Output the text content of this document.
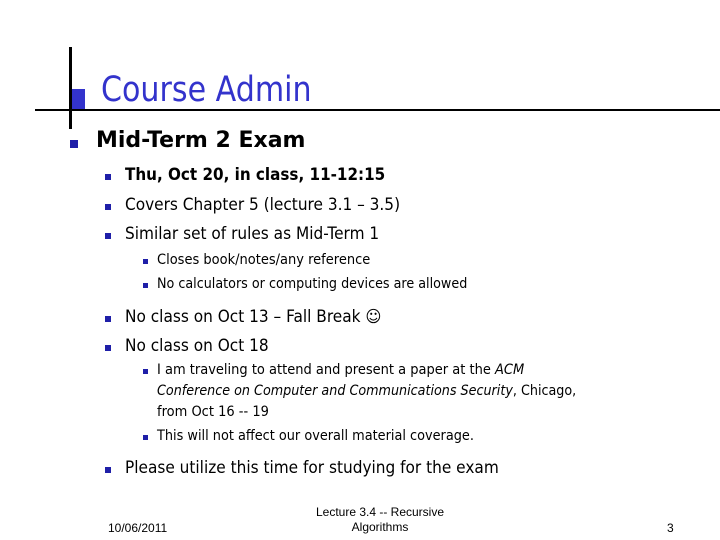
Course Admin
Mid-Term 2 Exam
Thu, Oct 20, in class, 11-12:15
Covers Chapter 5 (lecture 3.1 – 3.5)
Similar set of rules as Mid-Term 1
Closes book/notes/any reference
No calculators or computing devices are allowed
No class on Oct 13 – Fall Break ☺
No class on Oct 18
I am traveling to attend and present a paper at the ACM
Conference on Computer and Communications Security, Chicago,
from Oct 16 -- 19
This will not affect our overall material coverage.
Please utilize this time for studying for the exam
10/06/2011
Lecture 3.4 -- Recursive
Algorithms	3
